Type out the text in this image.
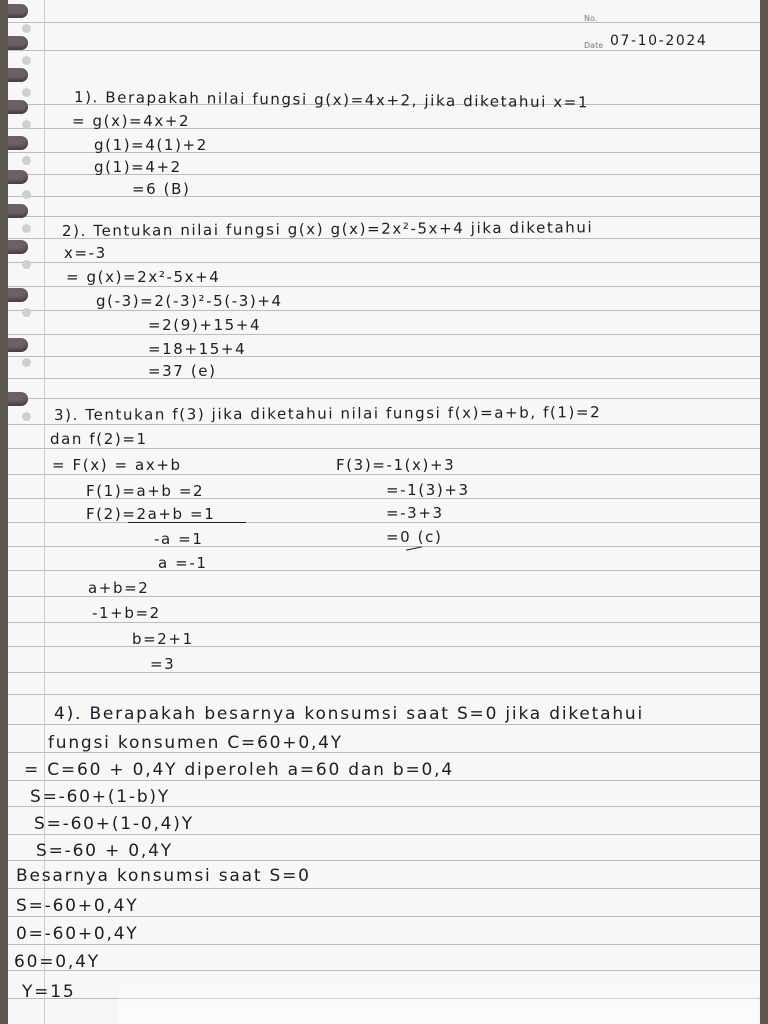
No.
Date 07-10-2024
1). Berapakah nilai fungsi g(x)=4x+2, jika diketahui x=1
= g(x)=4x+2
g(1)=4(1)+2
g(1)=4+2
=6 (B)
2). Tentukan nilai fungsi g(x) g(x)=2x²-5x+4 jika diketahui
x=-3
= g(x)=2x²-5x+4
g(-3)=2(-3)²-5(-3)+4
=2(9)+15+4
=18+15+4
=37 (e)
3). Tentukan f(3) jika diketahui nilai fungsi f(x)=a+b, f(1)=2
dan f(2)=1
= F(x) = ax+b
F(1)=a+b =2
F(2)=2a+b =1
-a =1
a =-1
a+b=2
-1+b=2
b=2+1
=3
F(3)=-1(x)+3
=-1(3)+3
=-3+3
=0 (c)
4). Berapakah besarnya konsumsi saat S=0 jika diketahui
fungsi konsumen C=60+0,4Y
= C=60 + 0,4Y diperoleh a=60 dan b=0,4
S=-60+(1-b)Y
S=-60+(1-0,4)Y
S=-60 + 0,4Y
Besarnya konsumsi saat S=0
S=-60+0,4Y
0=-60+0,4Y
60=0,4Y
Y=15
